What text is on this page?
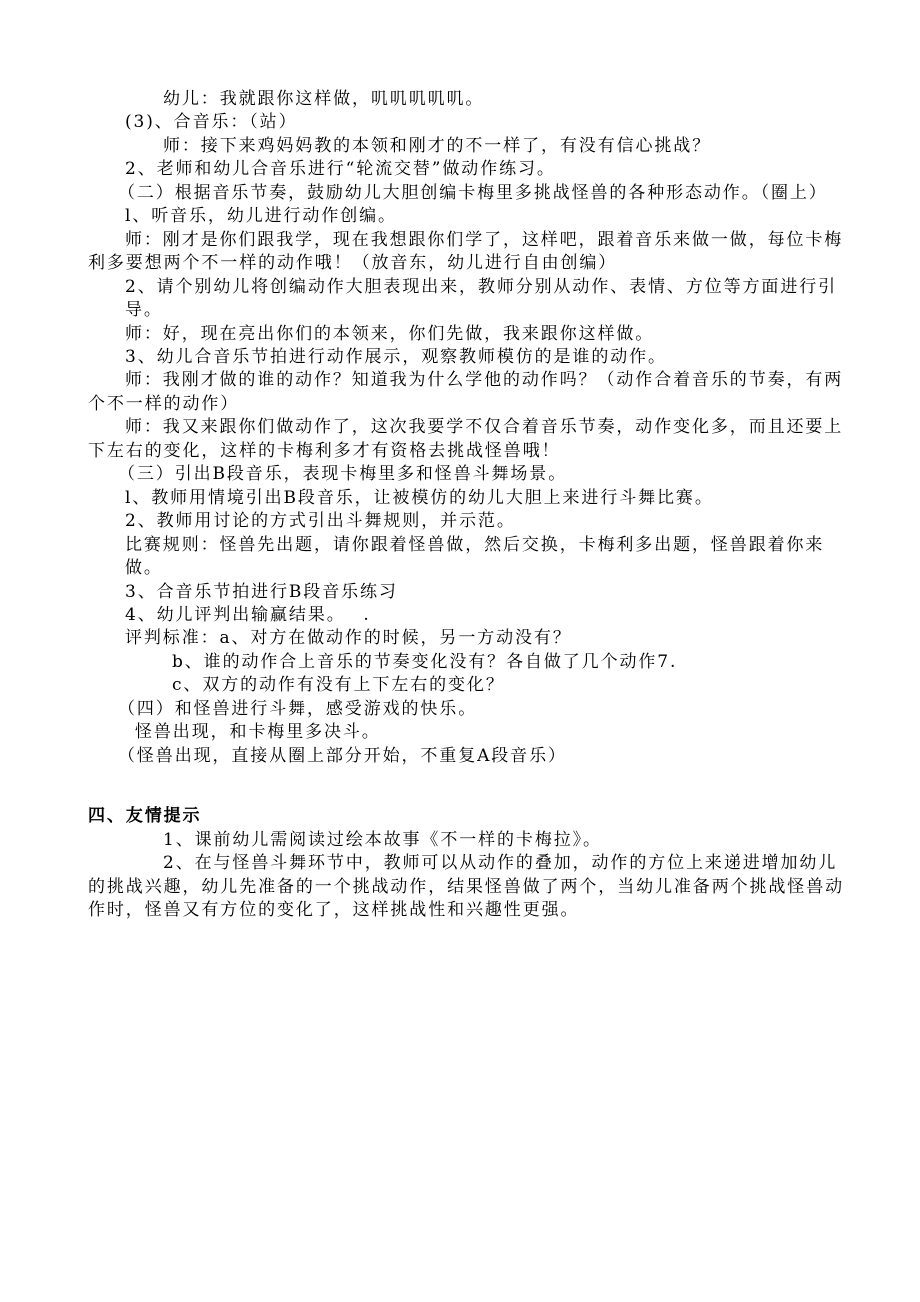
幼儿：我就跟你这样做，叽叽叽叽叽。
(3)、合音乐：（站）
师：接下来鸡妈妈教的本领和刚才的不一样了，有没有信心挑战？
2、老师和幼儿合音乐进行“轮流交替”做动作练习。
（二）根据音乐节奏，鼓励幼儿大胆创编卡梅里多挑战怪兽的各种形态动作。（圈上）
l、听音乐，幼儿进行动作创编。
师：刚才是你们跟我学，现在我想跟你们学了，这样吧，跟着音乐来做一做，每位卡梅利多要想两个不一样的动作哦！（放音东，幼儿进行自由创编）
2、请个别幼儿将创编动作大胆表现出来，教师分别从动作、表情、方位等方面进行引导。
师：好，现在亮出你们的本领来，你们先做，我来跟你这样做。
3、幼儿合音乐节拍进行动作展示，观察教师模仿的是谁的动作。
师：我刚才做的谁的动作？知道我为什么学他的动作吗？（动作合着音乐的节奏，有两个不一样的动作）
师：我又来跟你们做动作了，这次我要学不仅合着音乐节奏，动作变化多，而且还要上下左右的变化，这样的卡梅利多才有资格去挑战怪兽哦！
（三）引出B段音乐，表现卡梅里多和怪兽斗舞场景。
l、教师用情境引出B段音乐，让被模仿的幼儿大胆上来进行斗舞比赛。
2、教师用讨论的方式引出斗舞规则，并示范。
比赛规则：怪兽先出题，请你跟着怪兽做，然后交换，卡梅利多出题，怪兽跟着你来做。
3、合音乐节拍进行B段音乐练习
4、幼儿评判出输赢结果。　 .
评判标准：a、对方在做动作的时候，另一方动没有？
b、谁的动作合上音乐的节奏变化没有？各自做了几个动作7.
c、双方的动作有没有上下左右的变化？
（四）和怪兽进行斗舞，感受游戏的快乐。
怪兽出现，和卡梅里多决斗。
（怪兽出现，直接从圈上部分开始，不重复A段音乐）
四、友情提示
1、课前幼儿需阅读过绘本故事《不一样的卡梅拉》。
2、在与怪兽斗舞环节中，教师可以从动作的叠加，动作的方位上来递进增加幼儿的挑战兴趣，幼儿先准备的一个挑战动作，结果怪兽做了两个，当幼儿准备两个挑战怪兽动作时，怪兽又有方位的变化了，这样挑战性和兴趣性更强。
